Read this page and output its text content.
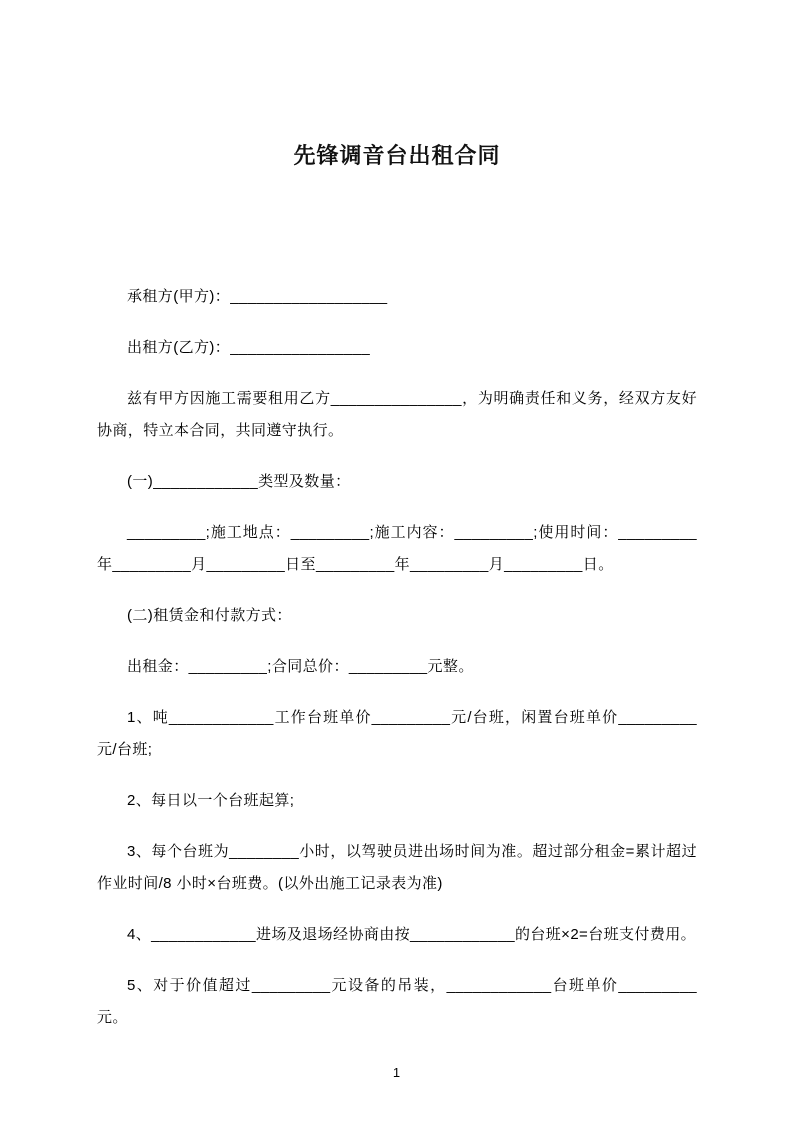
先锋调音台出租合同

承租方(甲方)：__________________

出租方(乙方)：________________

兹有甲方因施工需要租用乙方_______________，为明确责任和义务，经双方友好协商，特立本合同，共同遵守执行。

(一)____________类型及数量：

_________;施工地点：_________;施工内容：_________;使用时间：_________年_________月_________日至_________年_________月_________日。

(二)租赁金和付款方式：

出租金：_________;合同总价：_________元整。

1、吨____________工作台班单价_________元/台班，闲置台班单价_________元/台班;

2、每日以一个台班起算;

3、每个台班为________小时，以驾驶员进出场时间为准。超过部分租金=累计超过作业时间/8 小时×台班费。(以外出施工记录表为准)

4、____________进场及退场经协商由按____________的台班×2=台班支付费用。

5、对于价值超过_________元设备的吊装，____________台班单价_________元。

1
